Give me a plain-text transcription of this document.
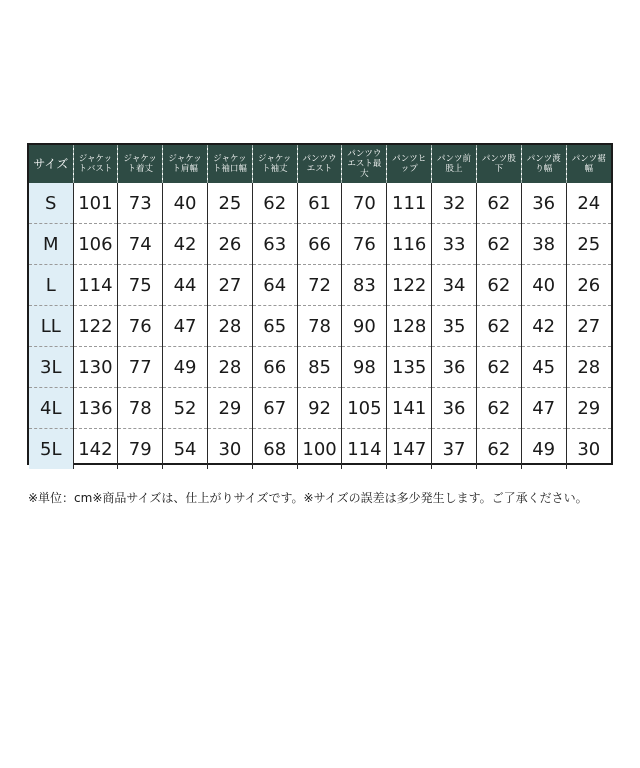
サイズ	ジャケットバスト	ジャケット着丈	ジャケット肩幅	ジャケット袖口幅	ジャケット袖丈	パンツウエスト	パンツウエスト最大	パンツヒップ	パンツ前股上	パンツ股下	パンツ渡り幅	パンツ裾幅
S	101	73	40	25	62	61	70	111	32	62	36	24
M	106	74	42	26	63	66	76	116	33	62	38	25
L	114	75	44	27	64	72	83	122	34	62	40	26
LL	122	76	47	28	65	78	90	128	35	62	42	27
3L	130	77	49	28	66	85	98	135	36	62	45	28
4L	136	78	52	29	67	92	105	141	36	62	47	29
5L	142	79	54	30	68	100	114	147	37	62	49	30
※単位：cm※商品サイズは、仕上がりサイズです。※サイズの誤差は多少発生します。ご了承ください。
